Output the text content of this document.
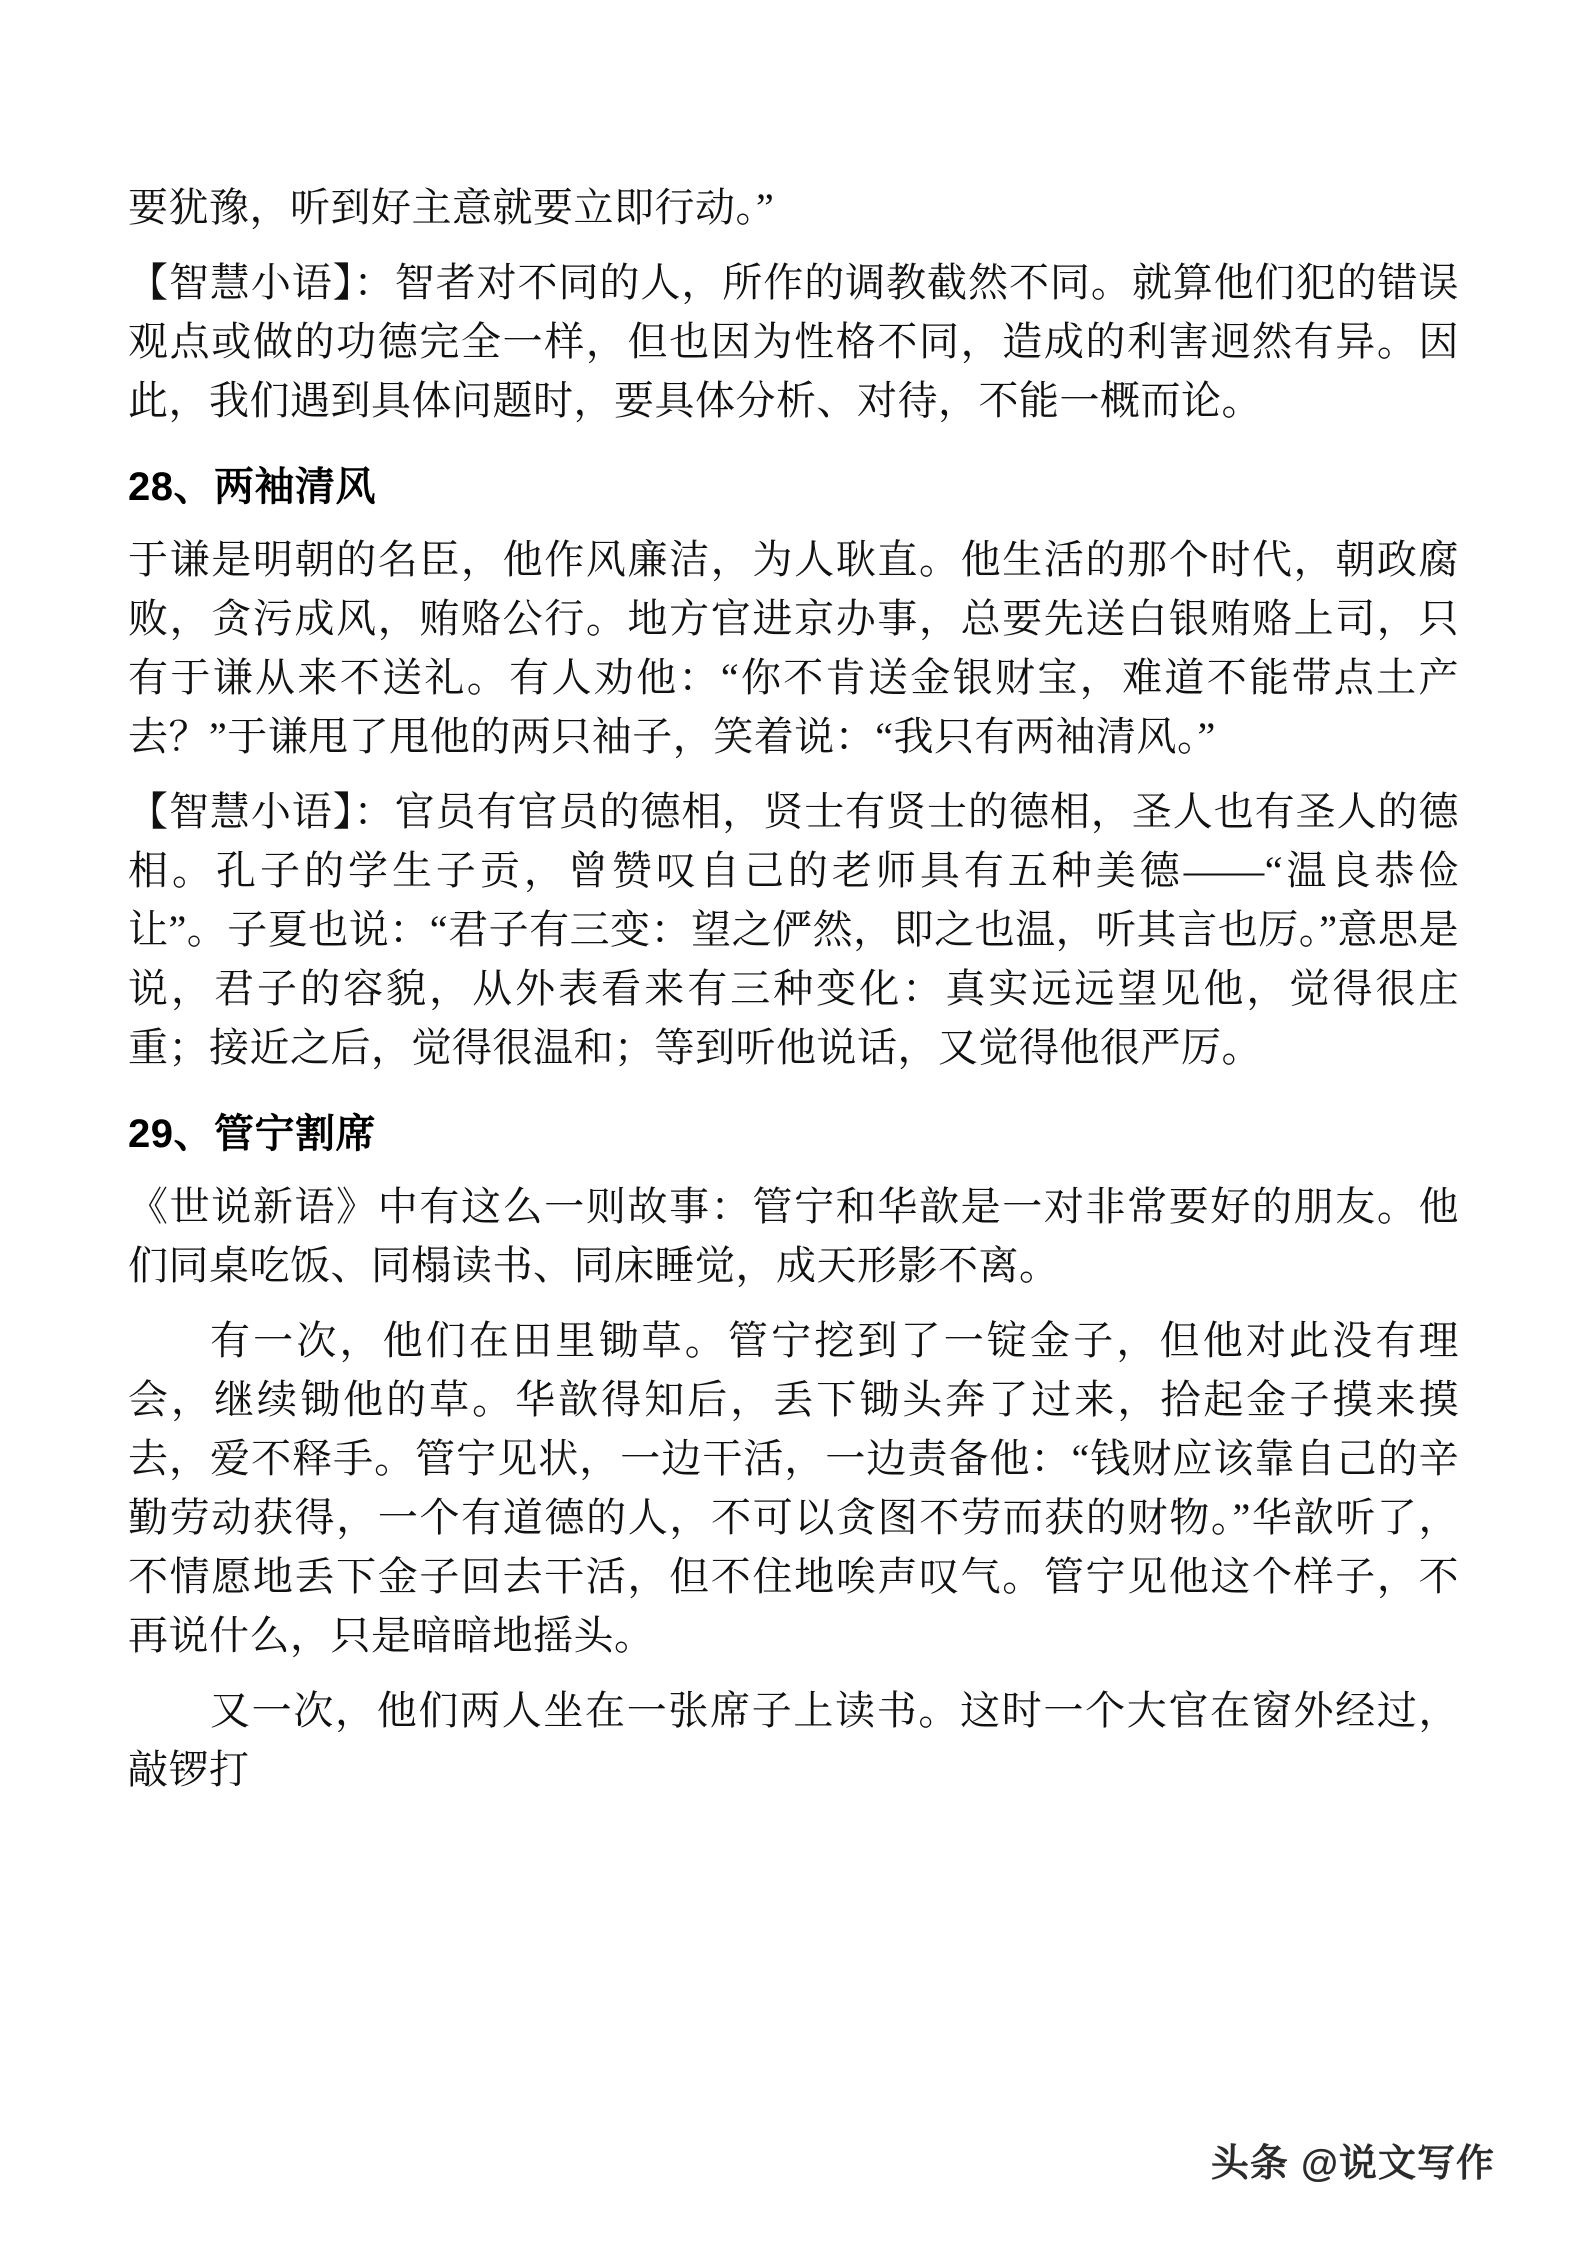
要犹豫，听到好主意就要立即行动。”

【智慧小语】：智者对不同的人，所作的调教截然不同。就算他们犯的错误观点或做的功德完全一样，但也因为性格不同，造成的利害迥然有异。因此，我们遇到具体问题时，要具体分析、对待，不能一概而论。

28、两袖清风

于谦是明朝的名臣，他作风廉洁，为人耿直。他生活的那个时代，朝政腐败，贪污成风，贿赂公行。地方官进京办事，总要先送白银贿赂上司，只有于谦从来不送礼。有人劝他：“你不肯送金银财宝，难道不能带点土产去？”于谦甩了甩他的两只袖子，笑着说：“我只有两袖清风。”

【智慧小语】：官员有官员的德相，贤士有贤士的德相，圣人也有圣人的德相。孔子的学生子贡，曾赞叹自己的老师具有五种美德——“温良恭俭让”。子夏也说：“君子有三变：望之俨然，即之也温，听其言也厉。”意思是说，君子的容貌，从外表看来有三种变化：真实远远望见他，觉得很庄重；接近之后，觉得很温和；等到听他说话，又觉得他很严厉。

29、管宁割席

《世说新语》中有这么一则故事：管宁和华歆是一对非常要好的朋友。他们同桌吃饭、同榻读书、同床睡觉，成天形影不离。

有一次，他们在田里锄草。管宁挖到了一锭金子，但他对此没有理会，继续锄他的草。华歆得知后，丢下锄头奔了过来，拾起金子摸来摸去，爱不释手。管宁见状，一边干活，一边责备他：“钱财应该靠自己的辛勤劳动获得，一个有道德的人，不可以贪图不劳而获的财物。”华歆听了，不情愿地丢下金子回去干活，但不住地唉声叹气。管宁见他这个样子，不再说什么，只是暗暗地摇头。

又一次，他们两人坐在一张席子上读书。这时一个大官在窗外经过，敲锣打

头条 @说文写作
